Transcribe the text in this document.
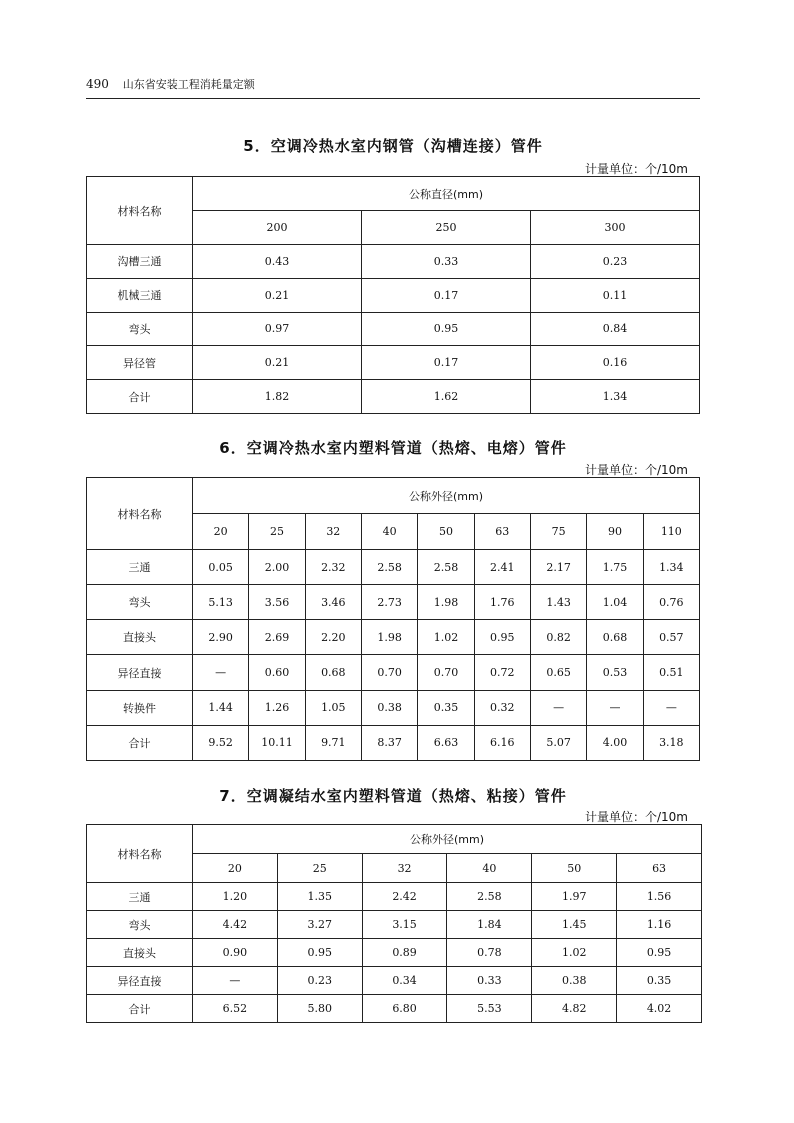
490 山东省安装工程消耗量定额
5．空调冷热水室内钢管（沟槽连接）管件
计量单位：个/10m
材料名称	公称直径(mm)		
	200	250	300
沟槽三通	0.43	0.33	0.23
机械三通	0.21	0.17	0.11
弯头	0.97	0.95	0.84
异径管	0.21	0.17	0.16
合计	1.82	1.62	1.34
6．空调冷热水室内塑料管道（热熔、电熔）管件
计量单位：个/10m
材料名称	公称外径(mm)								
	20	25	32	40	50	63	75	90	110
三通	0.05	2.00	2.32	2.58	2.58	2.41	2.17	1.75	1.34
弯头	5.13	3.56	3.46	2.73	1.98	1.76	1.43	1.04	0.76
直接头	2.90	2.69	2.20	1.98	1.02	0.95	0.82	0.68	0.57
异径直接	—	0.60	0.68	0.70	0.70	0.72	0.65	0.53	0.51
转换件	1.44	1.26	1.05	0.38	0.35	0.32	—	—	—
合计	9.52	10.11	9.71	8.37	6.63	6.16	5.07	4.00	3.18
7．空调凝结水室内塑料管道（热熔、粘接）管件
计量单位：个/10m
材料名称	公称外径(mm)					
	20	25	32	40	50	63
三通	1.20	1.35	2.42	2.58	1.97	1.56
弯头	4.42	3.27	3.15	1.84	1.45	1.16
直接头	0.90	0.95	0.89	0.78	1.02	0.95
异径直接	—	0.23	0.34	0.33	0.38	0.35
合计	6.52	5.80	6.80	5.53	4.82	4.02
